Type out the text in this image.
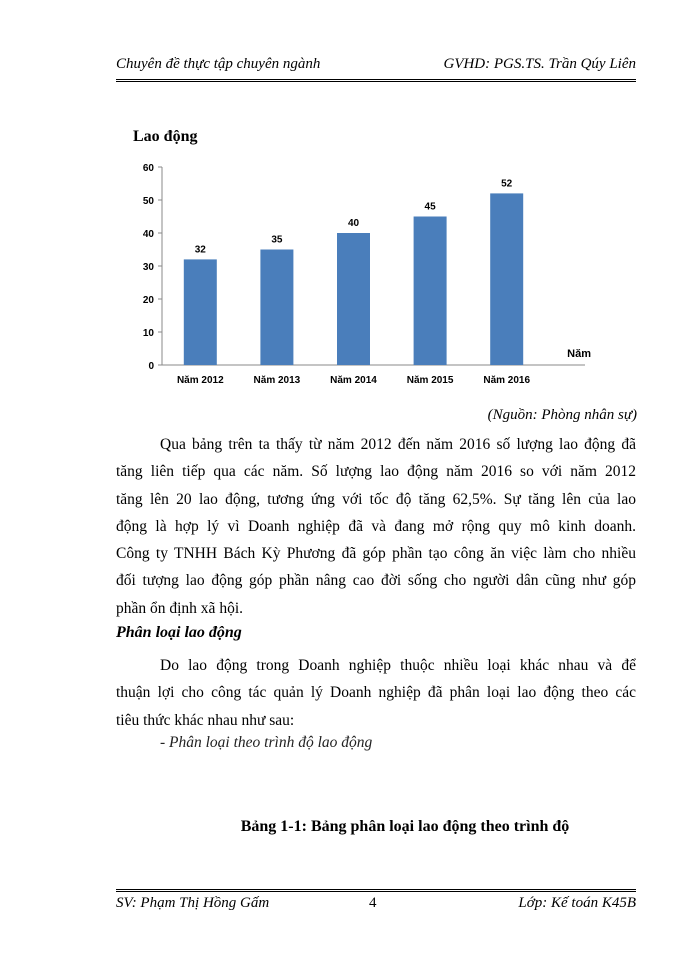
Chuyên đề thực tập chuyên ngành	GVHD: PGS.TS. Trần Qúy Liên
Lao động
0
10
20
30
40
50
60
32
Năm 2012
35
Năm 2013
40
Năm 2014
45
Năm 2015
52
Năm 2016
Năm
(Nguồn: Phòng nhân sự)
Qua bảng trên ta thấy từ năm 2012 đến năm 2016 số lượng lao động đã
tăng liên tiếp qua các năm. Số lượng lao động năm 2016 so với năm 2012
tăng lên 20 lao động, tương ứng với tốc độ tăng 62,5%. Sự tăng lên của lao
động là hợp lý vì Doanh nghiệp đã và đang mở rộng quy mô kinh doanh.
Công ty TNHH Bách Kỳ Phương đã góp phần tạo công ăn việc làm cho nhiều
đối tượng lao động góp phần nâng cao đời sống cho người dân cũng như góp
phần ổn định xã hội.
Phân loại lao động
Do lao động trong Doanh nghiệp thuộc nhiều loại khác nhau và để
thuận lợi cho công tác quản lý Doanh nghiệp đã phân loại lao động theo các
tiêu thức khác nhau như sau:
- Phân loại theo trình độ lao động
Bảng 1-1: Bảng phân loại lao động theo trình độ
SV: Phạm Thị Hồng Gấm	4	Lớp: Kế toán K45B
